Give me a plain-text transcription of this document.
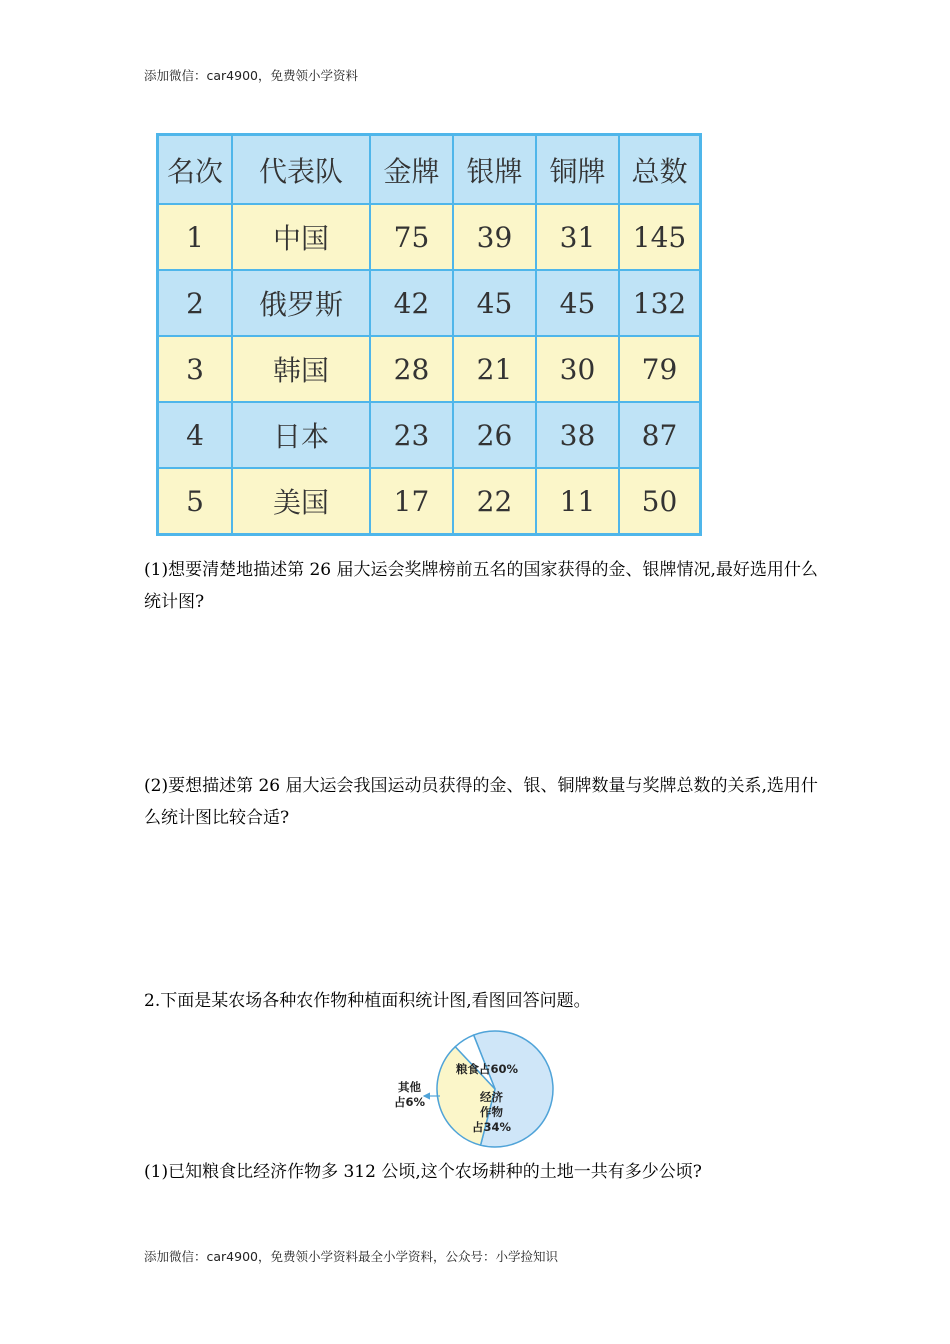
添加微信：car4900，免费领小学资料
名次	代表队	金牌	银牌	铜牌	总数
1	中国	75	39	31	145
2	俄罗斯	42	45	45	132
3	韩国	28	21	30	79
4	日本	23	26	38	87
5	美国	17	22	11	50
(1)想要清楚地描述第 26 届大运会奖牌榜前五名的国家获得的金、银牌情况,最好选用什么统计图?
(2)要想描述第 26 届大运会我国运动员获得的金、银、铜牌数量与奖牌总数的关系,选用什么统计图比较合适?
2.下面是某农场各种农作物种植面积统计图,看图回答问题。
粮食占60%
经济
作物
占34%
其他
占6%
(1)已知粮食比经济作物多 312 公顷,这个农场耕种的土地一共有多少公顷?
添加微信：car4900，免费领小学资料最全小学资料，公众号：小学捡知识
